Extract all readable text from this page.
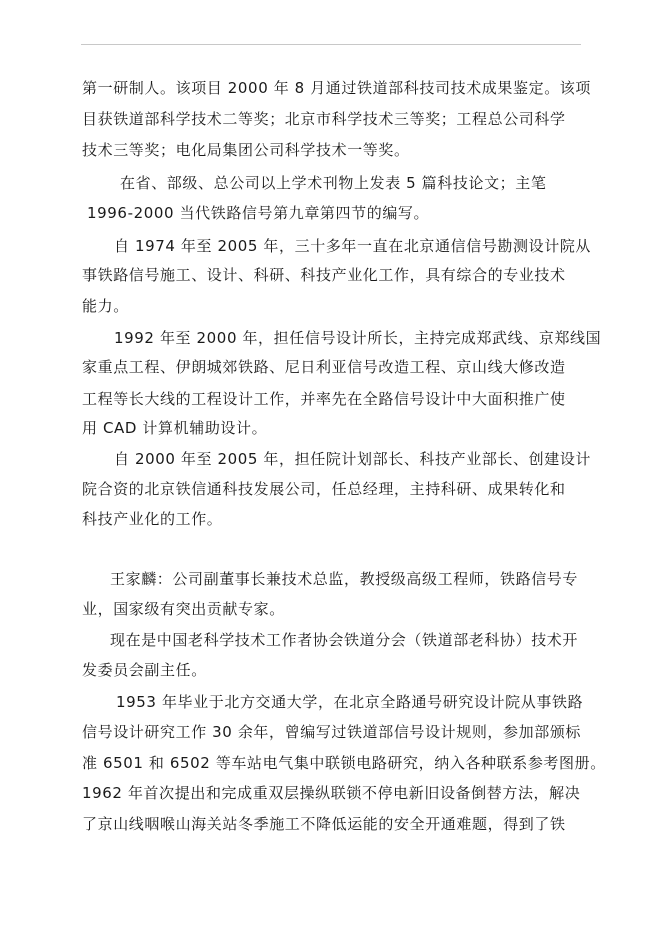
第一研制人。该项目 2000 年 8 月通过铁道部科技司技术成果鉴定。该项
目获铁道部科学技术二等奖；北京市科学技术三等奖；工程总公司科学
技术三等奖；电化局集团公司科学技术一等奖。
在省、部级、总公司以上学术刊物上发表 5 篇科技论文；主笔
1996-2000 当代铁路信号第九章第四节的编写。
自 1974 年至 2005 年，三十多年一直在北京通信信号勘测设计院从
事铁路信号施工、设计、科研、科技产业化工作，具有综合的专业技术
能力。
1992 年至 2000 年，担任信号设计所长，主持完成郑武线、京郑线国
家重点工程、伊朗城郊铁路、尼日利亚信号改造工程、京山线大修改造
工程等长大线的工程设计工作，并率先在全路信号设计中大面积推广使
用 CAD 计算机辅助设计。
自 2000 年至 2005 年，担任院计划部长、科技产业部长、创建设计
院合资的北京铁信通科技发展公司，任总经理，主持科研、成果转化和
科技产业化的工作。
王家麟：公司副董事长兼技术总监，教授级高级工程师，铁路信号专
业，国家级有突出贡献专家。
现在是中国老科学技术工作者协会铁道分会（铁道部老科协）技术开
发委员会副主任。
1953 年毕业于北方交通大学，在北京全路通号研究设计院从事铁路
信号设计研究工作 30 余年，曾编写过铁道部信号设计规则，参加部颁标
准 6501 和 6502 等车站电气集中联锁电路研究，纳入各种联系参考图册。
1962 年首次提出和完成重双层操纵联锁不停电新旧设备倒替方法，解决
了京山线咽喉山海关站冬季施工不降低运能的安全开通难题，得到了铁
